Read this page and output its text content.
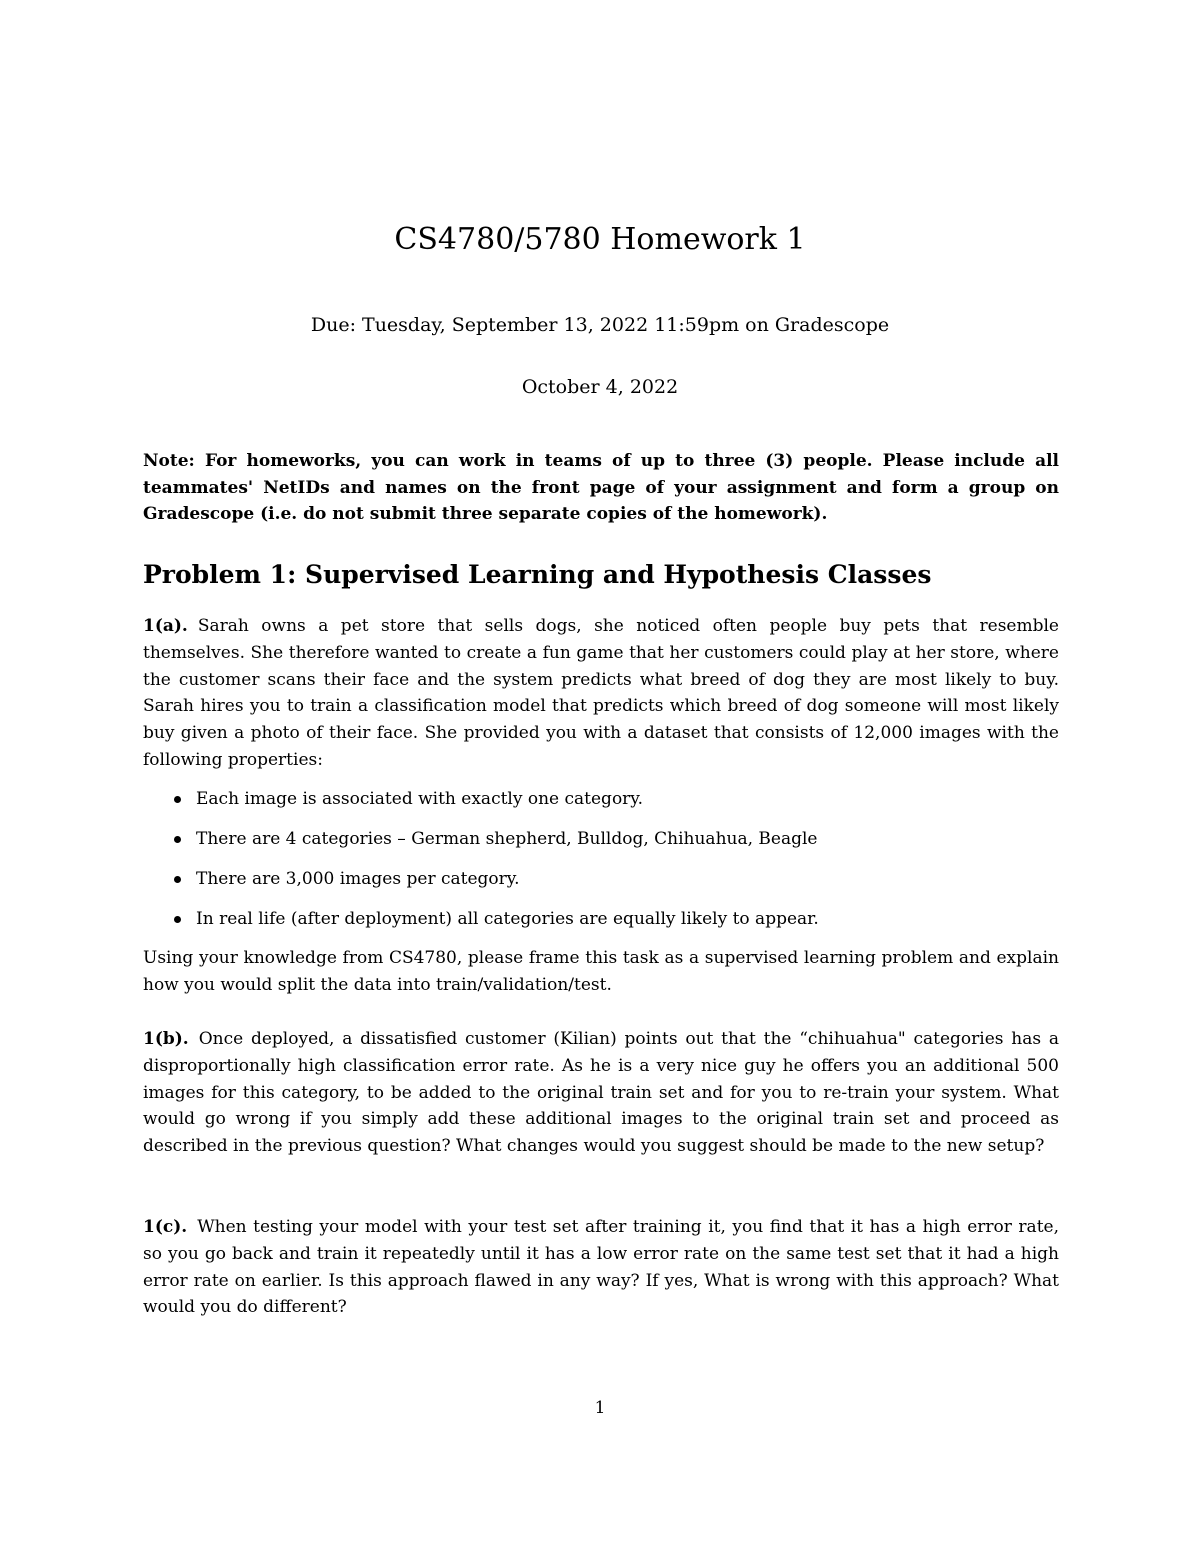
CS4780/5780 Homework 1
Due: Tuesday, September 13, 2022 11:59pm on Gradescope
October 4, 2022
Note: For homeworks, you can work in teams of up to three (3) people. Please include all teammates' NetIDs and names on the front page of your assignment and form a group on Gradescope (i.e. do not submit three separate copies of the homework).
Problem 1: Supervised Learning and Hypothesis Classes
1(a). Sarah owns a pet store that sells dogs, she noticed often people buy pets that resemble themselves. She therefore wanted to create a fun game that her customers could play at her store, where the customer scans their face and the system predicts what breed of dog they are most likely to buy. Sarah hires you to train a classification model that predicts which breed of dog someone will most likely buy given a photo of their face. She provided you with a dataset that consists of 12,000 images with the following properties:
Each image is associated with exactly one category.
There are 4 categories – German shepherd, Bulldog, Chihuahua, Beagle
There are 3,000 images per category.
In real life (after deployment) all categories are equally likely to appear.
Using your knowledge from CS4780, please frame this task as a supervised learning problem and explain how you would split the data into train/validation/test.
1(b). Once deployed, a dissatisfied customer (Kilian) points out that the “chihuahua" categories has a disproportionally high classification error rate. As he is a very nice guy he offers you an additional 500 images for this category, to be added to the original train set and for you to re-train your system. What would go wrong if you simply add these additional images to the original train set and proceed as described in the previous question? What changes would you suggest should be made to the new setup?
1(c). When testing your model with your test set after training it, you find that it has a high error rate, so you go back and train it repeatedly until it has a low error rate on the same test set that it had a high error rate on earlier. Is this approach flawed in any way? If yes, What is wrong with this approach? What would you do different?
1
